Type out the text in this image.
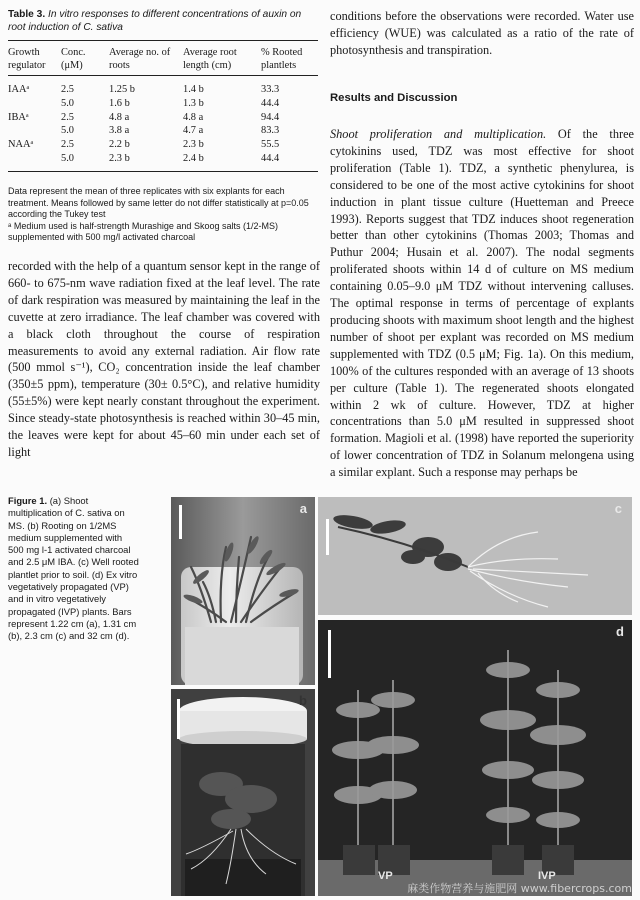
Table 3. In vitro responses to different concentrations of auxin on root induction of C. sativa
Growth regulator	Conc. (μM)	Average no. of roots	Average root length (cm)	% Rooted plantlets
IAAᵃ	2.5	1.25 b	1.4 b	33.3
	5.0	1.6 b	1.3 b	44.4
IBAᵃ	2.5	4.8 a	4.8 a	94.4
	5.0	3.8 a	4.7 a	83.3
NAAᵃ	2.5	2.2 b	2.3 b	55.5
	5.0	2.3 b	2.4 b	44.4
Data represent the mean of three replicates with six explants for each treatment. Means followed by same letter do not differ statistically at p=0.05 according the Tukey test
ᵃ Medium used is half-strength Murashige and Skoog salts (1/2-MS) supplemented with 500 mg/l activated charcoal
recorded with the help of a quantum sensor kept in the range of 660- to 675-nm wave radiation fixed at the leaf level. The rate of dark respiration was measured by maintaining the leaf in the cuvette at zero irradiance. The leaf chamber was covered with a black cloth throughout the course of respiration measurements to avoid any external radiation. Air flow rate (500 mmol s⁻¹), CO₂ concentration inside the leaf chamber (350±5 ppm), temperature (30± 0.5°C), and relative humidity (55±5%) were kept nearly constant throughout the experiment. Since steady-state photosynthesis is reached within 30–45 min, the leaves were kept for about 45–60 min under each set of light
conditions before the observations were recorded. Water use efficiency (WUE) was calculated as a ratio of the rate of photosynthesis and transpiration.
Results and Discussion
Shoot proliferation and multiplication. Of the three cytokinins used, TDZ was most effective for shoot proliferation (Table 1). TDZ, a synthetic phenylurea, is considered to be one of the most active cytokinins for shoot induction in plant tissue culture (Huetteman and Preece 1993). Reports suggest that TDZ induces shoot regeneration better than other cytokinins (Thomas 2003; Thomas and Puthur 2004; Husain et al. 2007). The nodal segments proliferated shoots within 14 d of culture on MS medium containing 0.05–9.0 μM TDZ without intervening calluses. The optimal response in terms of percentage of explants producing shoots with maximum shoot length and the highest number of shoot per explant was recorded on MS medium supplemented with TDZ (0.5 μM; Fig. 1a). On this medium, 100% of the cultures responded with an average of 13 shoots per culture (Table 1). The regenerated shoots elongated within 2 wk of culture. However, TDZ at higher concentrations than 5.0 μM resulted in suppressed shoot formation. Magioli et al. (1998) have reported the superiority of lower concentration of TDZ in Solanum melongena using a similar explant. Such a response may perhaps be
Figure 1. (a) Shoot multiplication of C. sativa on MS. (b) Rooting on 1/2MS medium supplemented with 500 mg l-1 activated charcoal and 2.5 μM IBA. (c) Well rooted plantlet prior to soil. (d) Ex vitro vegetatively propagated (VP) and in vitro vegetatively propagated (IVP) plants. Bars represent 1.22 cm (a), 1.31 cm (b), 2.3 cm (c) and 32 cm (d).
a
b
c
d
VP	IVP
麻类作物营养与施肥网 www.fibercrops.com
